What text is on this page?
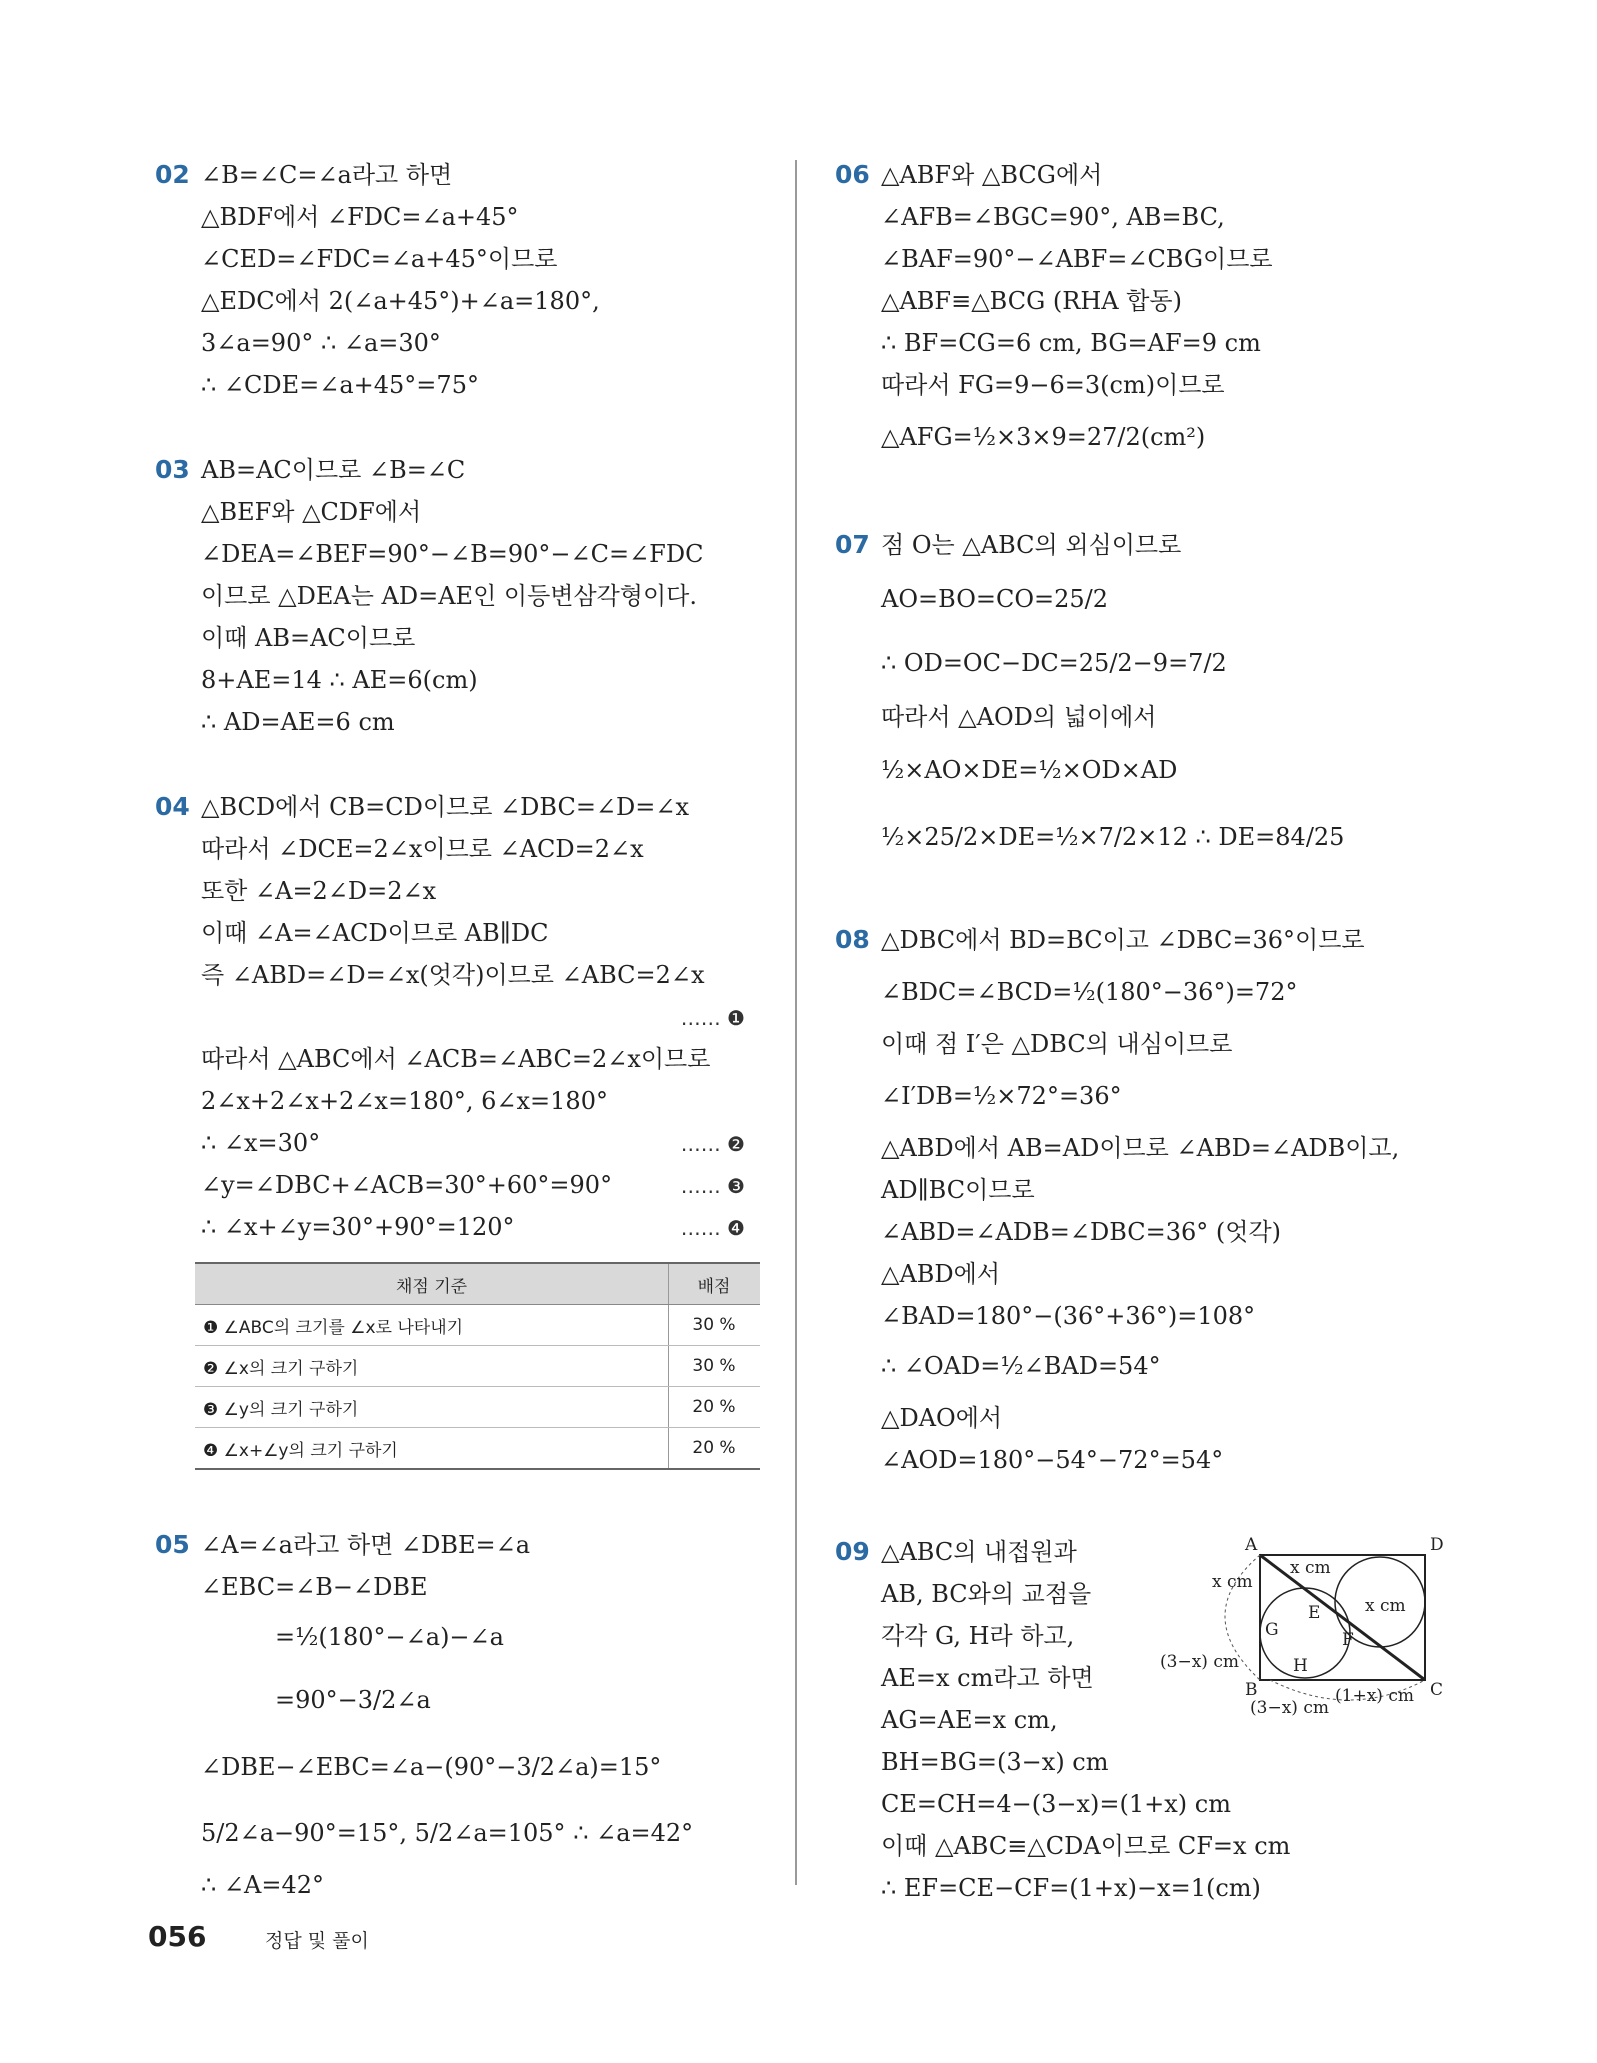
02 ∠B=∠C=∠a라고 하면
△BDF에서 ∠FDC=∠a+45°
∠CED=∠FDC=∠a+45°이므로
△EDC에서 2(∠a+45°)+∠a=180°,
3∠a=90° ∴ ∠a=30°
∴ ∠CDE=∠a+45°=75°
03 AB=AC이므로 ∠B=∠C
△BEF와 △CDF에서
∠DEA=∠BEF=90°−∠B=90°−∠C=∠FDC
이므로 △DEA는 AD=AE인 이등변삼각형이다.
이때 AB=AC이므로
8+AE=14 ∴ AE=6(cm)
∴ AD=AE=6 cm
04 △BCD에서 CB=CD이므로 ∠DBC=∠D=∠x
따라서 ∠DCE=2∠x이므로 ∠ACD=2∠x
또한 ∠A=2∠D=2∠x
이때 ∠A=∠ACD이므로 AB∥DC
즉 ∠ABD=∠D=∠x(엇각)이므로 ∠ABC=2∠x
…… ❶
따라서 △ABC에서 ∠ACB=∠ABC=2∠x이므로
2∠x+2∠x+2∠x=180°, 6∠x=180°
∴ ∠x=30°	…… ❷
∠y=∠DBC+∠ACB=30°+60°=90°	…… ❸
∴ ∠x+∠y=30°+90°=120°	…… ❹
채점 기준	배점
❶ ∠ABC의 크기를 ∠x로 나타내기	30 %
❷ ∠x의 크기 구하기	30 %
❸ ∠y의 크기 구하기	20 %
❹ ∠x+∠y의 크기 구하기	20 %
05 ∠A=∠a라고 하면 ∠DBE=∠a
∠EBC=∠B−∠DBE
=½(180°−∠a)−∠a
=90°−3/2∠a
∠DBE−∠EBC=∠a−(90°−3/2∠a)=15°
5/2∠a−90°=15°, 5/2∠a=105° ∴ ∠a=42°
∴ ∠A=42°
06 △ABF와 △BCG에서
∠AFB=∠BGC=90°, AB=BC,
∠BAF=90°−∠ABF=∠CBG이므로
△ABF≡△BCG (RHA 합동)
∴ BF=CG=6 cm, BG=AF=9 cm
따라서 FG=9−6=3(cm)이므로
△AFG=½×3×9=27/2(cm²)
07 점 O는 △ABC의 외심이므로
AO=BO=CO=25/2
∴ OD=OC−DC=25/2−9=7/2
따라서 △AOD의 넓이에서
½×AO×DE=½×OD×AD
½×25/2×DE=½×7/2×12 ∴ DE=84/25
08 △DBC에서 BD=BC이고 ∠DBC=36°이므로
∠BDC=∠BCD=½(180°−36°)=72°
이때 점 I′은 △DBC의 내심이므로
∠I′DB=½×72°=36°
△ABD에서 AB=AD이므로 ∠ABD=∠ADB이고,
AD∥BC이므로
∠ABD=∠ADB=∠DBC=36° (엇각)
△ABD에서
∠BAD=180°−(36°+36°)=108°
∴ ∠OAD=½∠BAD=54°
△DAO에서
∠AOD=180°−54°−72°=54°
09 △ABC의 내접원과
AB, BC와의 교점을
각각 G, H라 하고,
AE=x cm라고 하면
AG=AE=x cm,
BH=BG=(3−x) cm
CE=CH=4−(3−x)=(1+x) cm
이때 △ABC≡△CDA이므로 CF=x cm
∴ EF=CE−CF=(1+x)−x=1(cm)
A	D
B	C
E
F
G
H
x cm
x cm
x cm
(3−x) cm
(3−x) cm
(1+x) cm
056	정답 및 풀이
